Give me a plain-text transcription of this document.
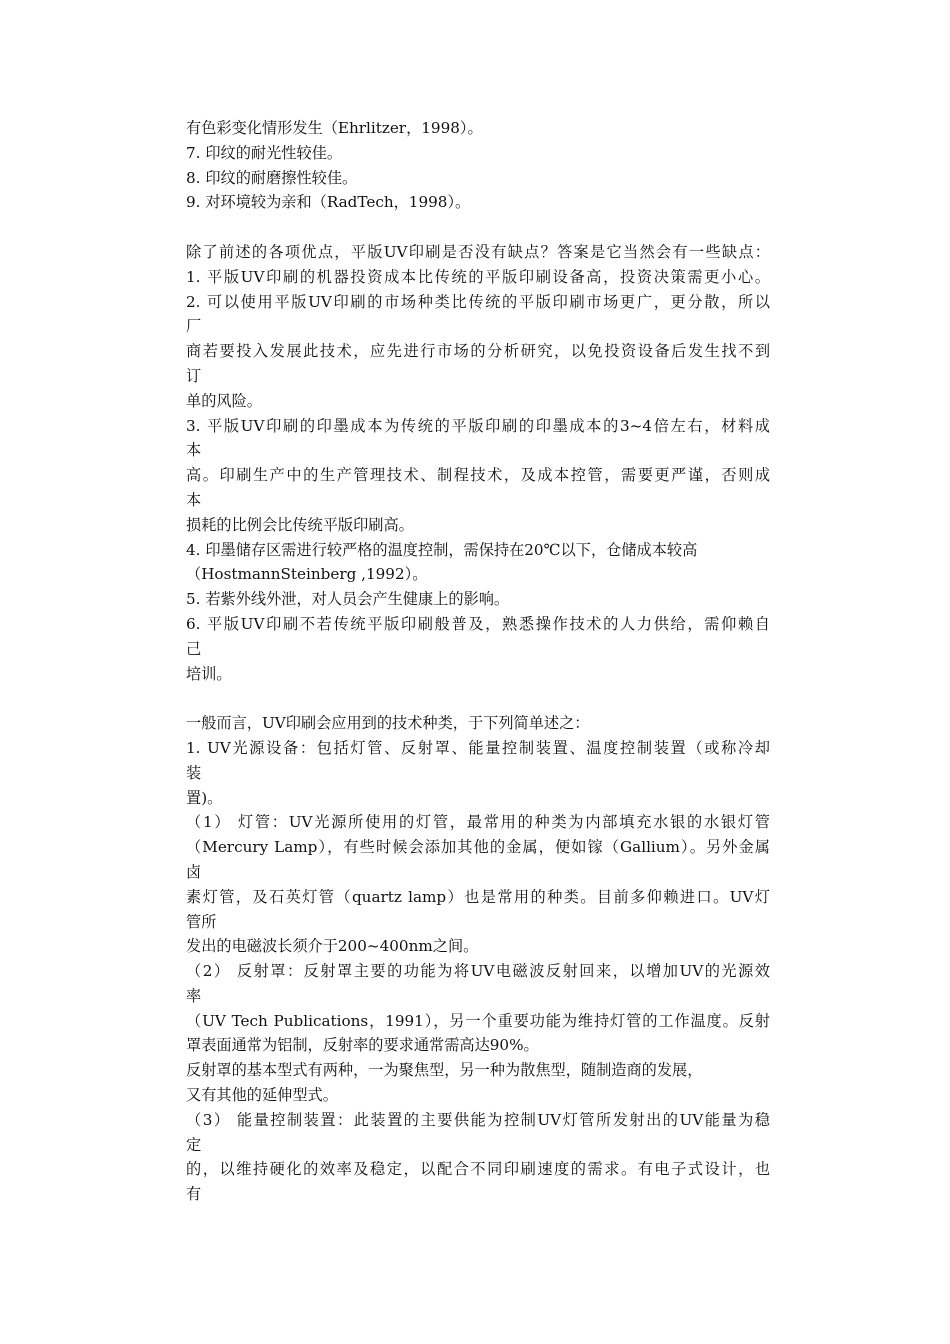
有色彩变化情形发生（Ehrlitzer，1998）。
7. 印纹的耐光性较佳。
8. 印纹的耐磨擦性较佳。
9. 对环境较为亲和（RadTech，1998）。
除了前述的各项优点，平版UV印刷是否没有缺点？答案是它当然会有一些缺点：
1. 平版UV印刷的机器投资成本比传统的平版印刷设备高，投资决策需更小心。
2. 可以使用平版UV印刷的市场种类比传统的平版印刷市场更广，更分散，所以
厂
商若要投入发展此技术，应先进行市场的分析研究，以免投资设备后发生找不到
订
单的风险。
3. 平版UV印刷的印墨成本为传统的平版印刷的印墨成本的3~4倍左右，材料成
本
高。印刷生产中的生产管理技术、制程技术，及成本控管，需要更严谨，否则成
本
损耗的比例会比传统平版印刷高。
4. 印墨储存区需进行较严格的温度控制，需保持在20℃以下，仓储成本较高
（HostmannSteinberg ,1992）。
5. 若紫外线外泄，对人员会产生健康上的影响。
6. 平版UV印刷不若传统平版印刷般普及，熟悉操作技术的人力供给，需仰赖自
己
培训。
一般而言，UV印刷会应用到的技术种类，于下列简单述之：
1. UV光源设备：包括灯管、反射罩、能量控制装置、温度控制装置（或称冷却
装
置)。
（1） 灯管：UV光源所使用的灯管，最常用的种类为内部填充水银的水银灯管
（Mercury Lamp），有些时候会添加其他的金属，便如镓（Gallium）。另外金属
卤
素灯管，及石英灯管（quartz lamp）也是常用的种类。目前多仰赖进口。UV灯
管所
发出的电磁波长须介于200~400nm之间。
（2） 反射罩：反射罩主要的功能为将UV电磁波反射回来，以增加UV的光源效
率
（UV Tech Publications，1991），另一个重要功能为维持灯管的工作温度。反射
罩表面通常为铝制，反射率的要求通常需高达90%。
反射罩的基本型式有两种，一为聚焦型，另一种为散焦型，随制造商的发展，
又有其他的延伸型式。
（3） 能量控制装置：此装置的主要供能为控制UV灯管所发射出的UV能量为稳
定
的，以维持硬化的效率及稳定，以配合不同印刷速度的需求。有电子式设计，也
有
